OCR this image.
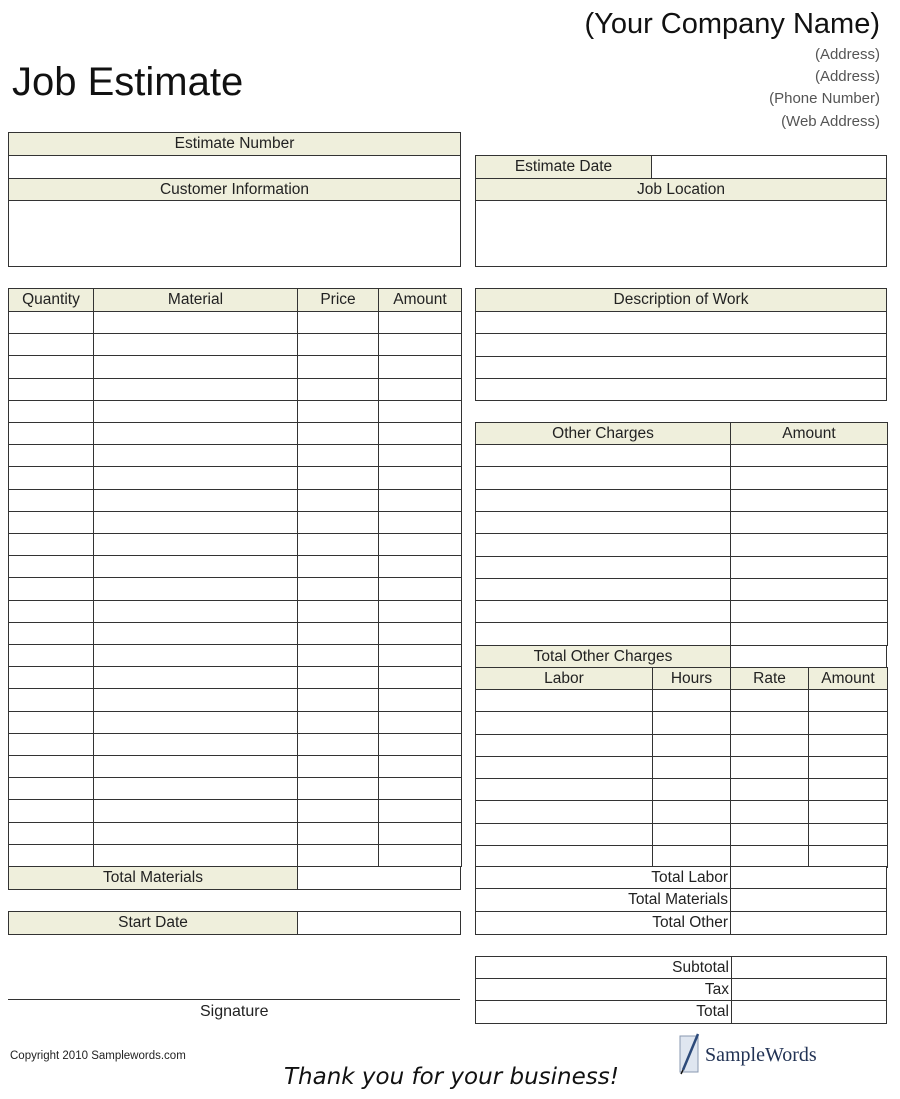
(Your Company Name)
(Address)
(Address)
(Phone Number)
(Web Address)
Job Estimate
Estimate Number
Customer Information
Estimate Date
Job Location
Quantity	Material	Price	Amount
Total Materials
Start Date
Description of Work
Other Charges	Amount
Total Other Charges
Labor	Hours	Rate	Amount
Total Labor
Total Materials
Total Other
Subtotal
Tax
Total
Signature
Copyright 2010 Samplewords.com
Thank you for your business!
SampleWords
